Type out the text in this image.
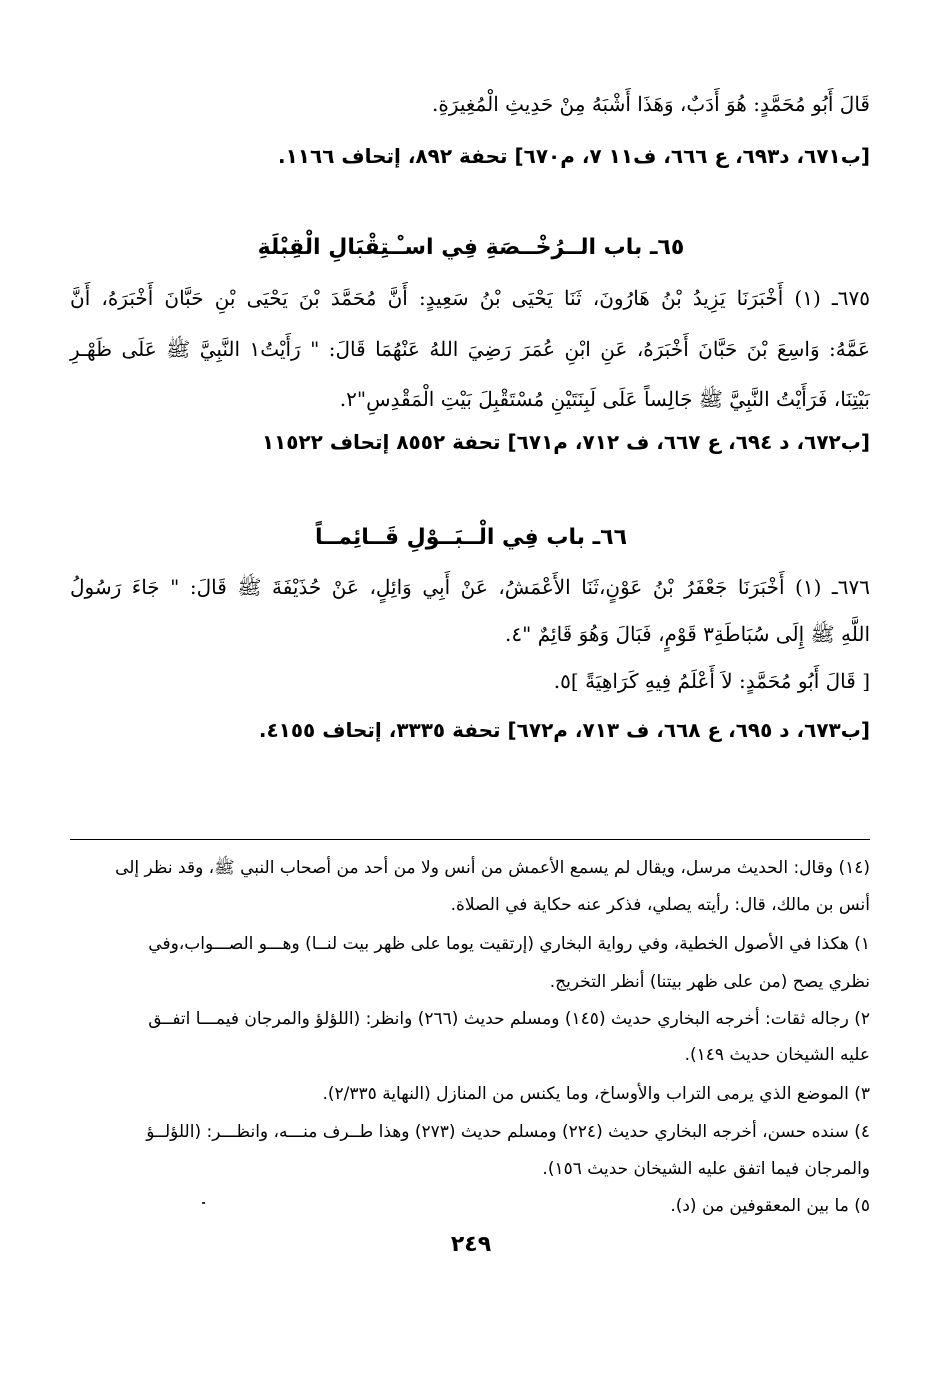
قَالَ أَبُو مُحَمَّدٍ: هُوَ أَدَبٌ، وَهَذَا أَشْبَهُ مِنْ حَدِيثِ الْمُغِيرَةِ.
[ب٦٧١، د٦٩٣، ع ٦٦٦، ف١١ ٧، م٦٧٠] تحفة ٨٩٢، إتحاف ١١٦٦.
٦٥ـ باب الــرُخْــصَةِ فِي اسـْـتِقْبَالِ الْقِبْلَةِ
٦٧٥ـ (١) أَخْبَرَنَا يَزِيدُ بْنُ هَارُونَ، ثَنَا يَحْيَى بْنُ سَعِيدٍ: أَنَّ مُحَمَّدَ بْنَ يَحْيَى بْنِ حَبَّانَ أَخْبَرَهُ، أَنَّ
عَمَّهُ: وَاسِعَ بْنَ حَبَّانَ أَخْبَرَهُ، عَنِ ابْنِ عُمَرَ رَضِيَ اللهُ عَنْهُمَا قَالَ: " رَأَيْتُ١ النَّبِيَّ ﷺ عَلَى ظَهْـرِ
بَيْتِنَا، فَرَأَيْتُ النَّبِيَّ ﷺ جَالِساً عَلَى لَبِنَتَيْنِ مُسْتَقْبِلَ بَيْتِ الْمَقْدِسِ"٢.
[ب٦٧٢، د ٦٩٤، ع ٦٦٧، ف ٧١٢، م٦٧١] تحفة ٨٥٥٢ إتحاف ١١٥٢٢
٦٦ـ باب فِي الْــبَــوْلِ قَــائِمــاً
٦٧٦ـ (١) أَخْبَرَنَا جَعْفَرُ بْنُ عَوْنٍ،ثَنَا الأَعْمَشُ، عَنْ أَبِي وَائِلٍ، عَنْ حُذَيْفَةَ ﷺ قَالَ: " جَاءَ رَسُولُ
اللَّهِ ﷺ إِلَى سُبَاطَةِ٣ قَوْمٍ، فَبَالَ وَهُوَ قَائِمٌ "٤.
[ قَالَ أَبُو مُحَمَّدٍ: لاَ أَعْلَمُ فِيهِ كَرَاهِيَةً ]٥.
[ب٦٧٣، د ٦٩٥، ع ٦٦٨، ف ٧١٣، م٦٧٢] تحفة ٣٣٣٥، إتحاف ٤١٥٥.
(١٤) وقال: الحديث مرسل، ويقال لم يسمع الأعمش من أنس ولا من أحد من أصحاب النبي ﷺ، وقد نظر إلى
أنس بن مالك، قال: رأيته يصلي، فذكر عنه حكاية في الصلاة.
١) هكذا في الأصول الخطية، وفي رواية البخاري (إرتقيت يوما على ظهر بيت لنــا) وهـــو الصـــواب،وفي
نظري يصح (من على ظهر بيتنا) أنظر التخريج.
٢) رجاله ثقات: أخرجه البخاري حديث (١٤٥) ومسلم حديث (٢٦٦) وانظر: (اللؤلؤ والمرجان فيمـــا اتفــق
عليه الشيخان حديث ١٤٩).
٣) الموضع الذي يرمى التراب والأوساخ، وما يكنس من المنازل (النهاية ٢/٣٣٥).
٤) سنده حسن، أخرجه البخاري حديث (٢٢٤) ومسلم حديث (٢٧٣) وهذا طــرف منـــه، وانظـــر: (اللؤلــؤ
والمرجان فيما اتفق عليه الشيخان حديث ١٥٦).
٥) ما بين المعقوفين من (د).
٢٤٩
